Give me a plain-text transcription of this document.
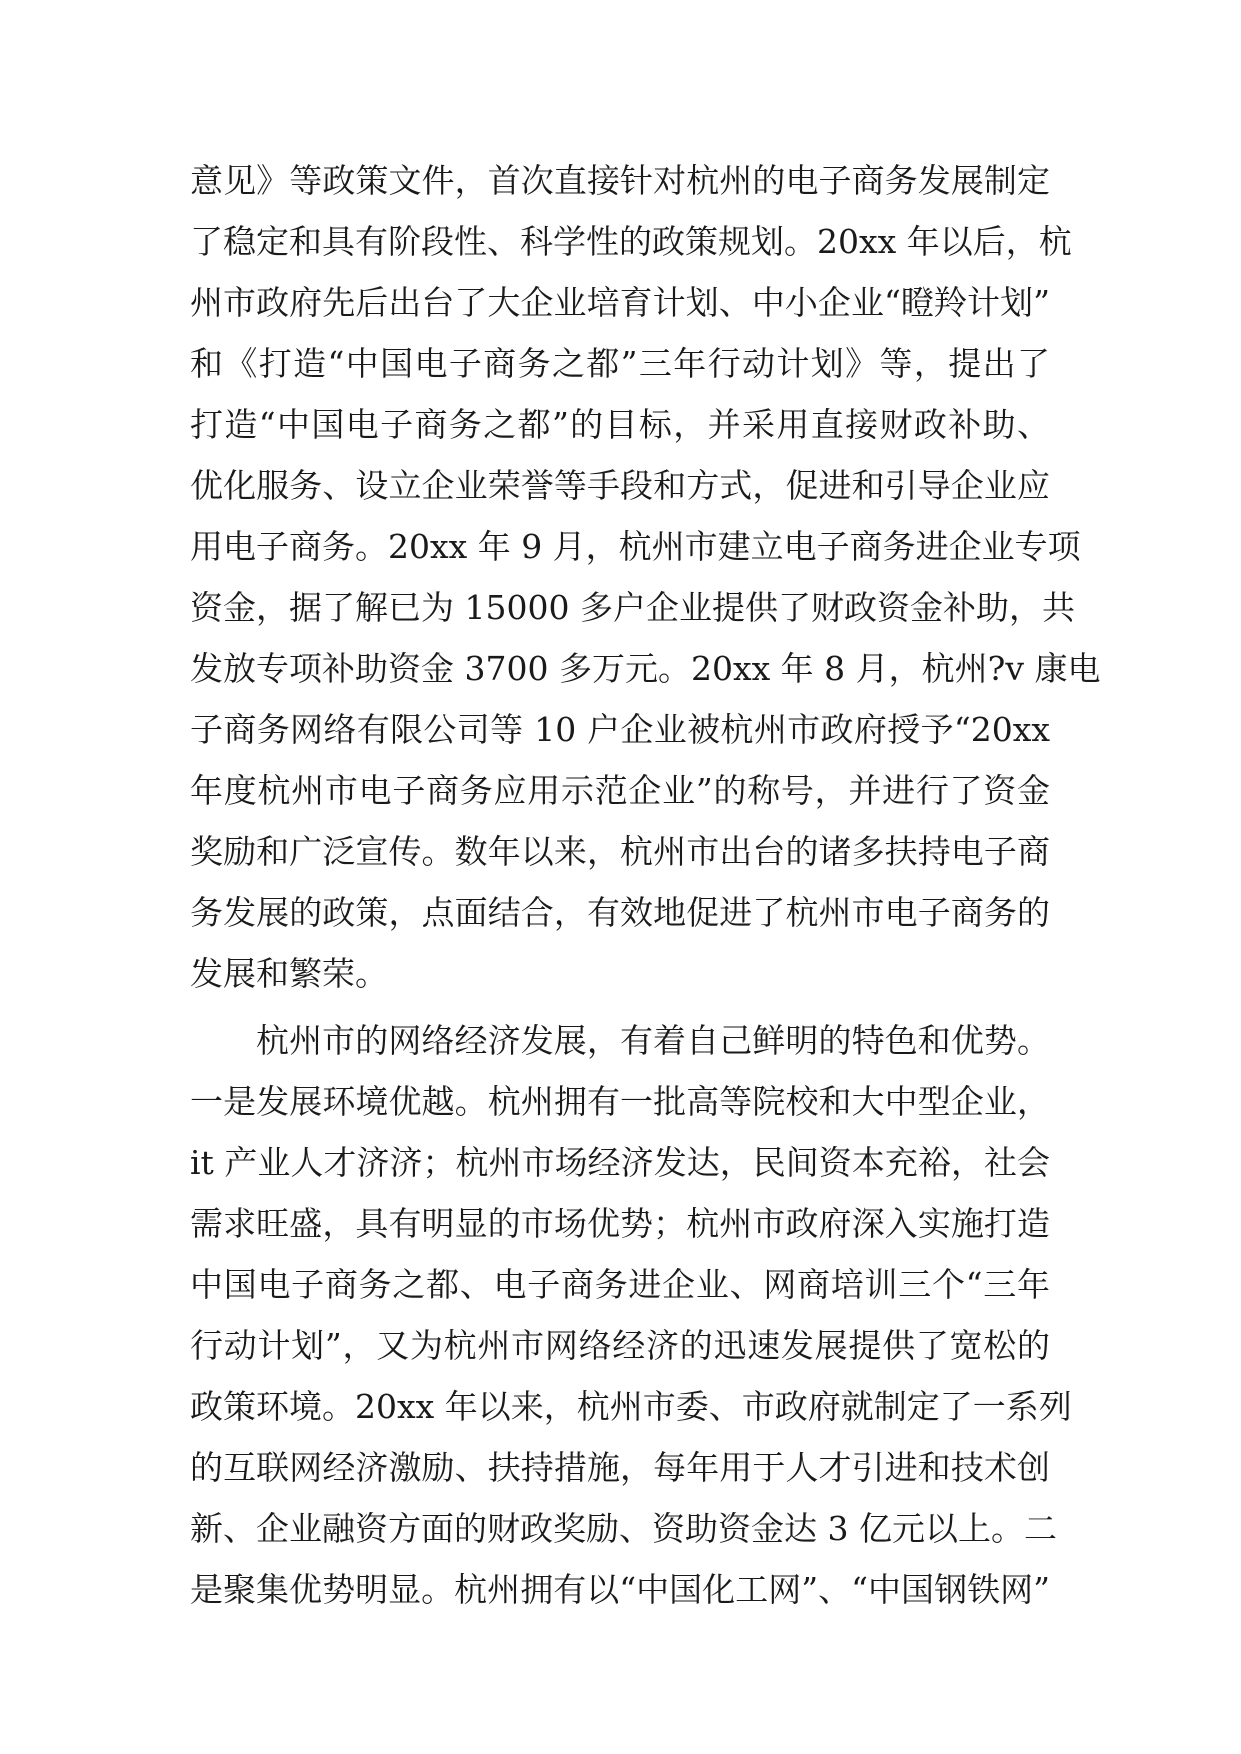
意见》等政策文件，首次直接针对杭州的电子商务发展制定
了稳定和具有阶段性、科学性的政策规划。20xx 年以后，杭
州市政府先后出台了大企业培育计划、中小企业“瞪羚计划”
和《打造“中国电子商务之都”三年行动计划》等，提出了
打造“中国电子商务之都”的目标，并采用直接财政补助、
优化服务、设立企业荣誉等手段和方式，促进和引导企业应
用电子商务。20xx 年 9 月，杭州市建立电子商务进企业专项
资金，据了解已为 15000 多户企业提供了财政资金补助，共
发放专项补助资金 3700 多万元。20xx 年 8 月，杭州?v 康电
子商务网络有限公司等 10 户企业被杭州市政府授予“20xx
年度杭州市电子商务应用示范企业”的称号，并进行了资金
奖励和广泛宣传。数年以来，杭州市出台的诸多扶持电子商
务发展的政策，点面结合，有效地促进了杭州市电子商务的
发展和繁荣。
杭州市的网络经济发展，有着自己鲜明的特色和优势。
一是发展环境优越。杭州拥有一批高等院校和大中型企业，
it 产业人才济济；杭州市场经济发达，民间资本充裕，社会
需求旺盛，具有明显的市场优势；杭州市政府深入实施打造
中国电子商务之都、电子商务进企业、网商培训三个“三年
行动计划”，又为杭州市网络经济的迅速发展提供了宽松的
政策环境。20xx 年以来，杭州市委、市政府就制定了一系列
的互联网经济激励、扶持措施，每年用于人才引进和技术创
新、企业融资方面的财政奖励、资助资金达 3 亿元以上。二
是聚集优势明显。杭州拥有以“中国化工网”、“中国钢铁网”
